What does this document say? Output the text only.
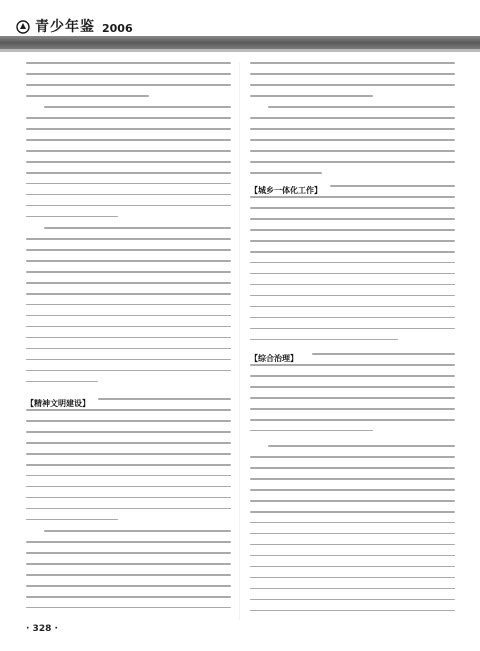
青少年鉴 2006
【精神文明建设】
【城乡一体化工作】
【综合治理】
· 328 ·
